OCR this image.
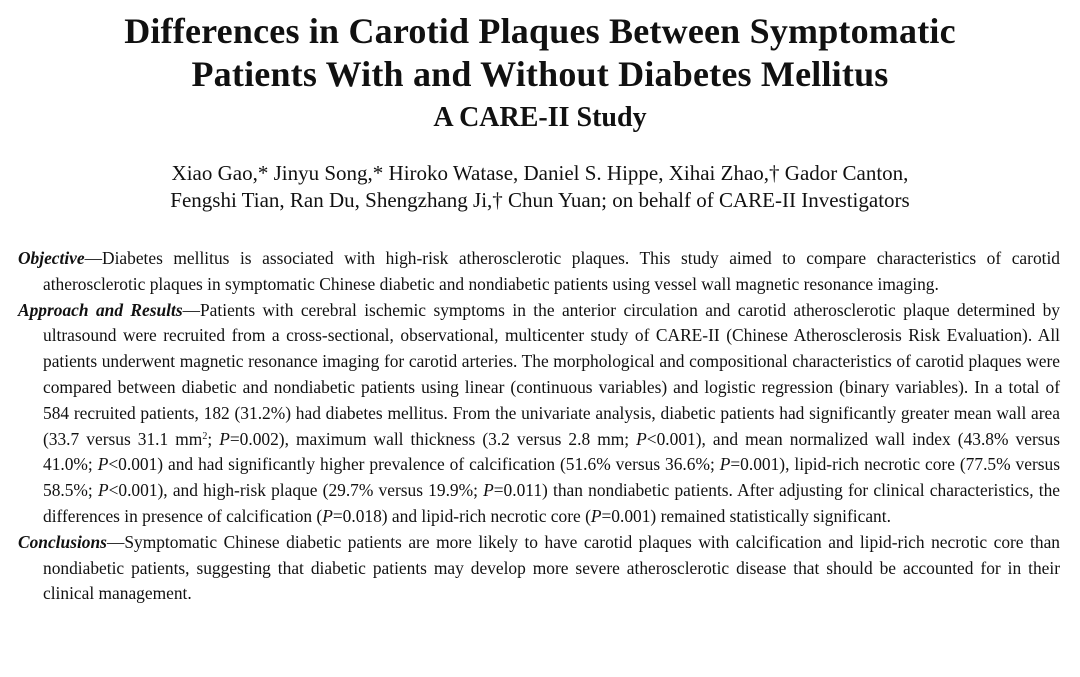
Differences in Carotid Plaques Between Symptomatic
Patients With and Without Diabetes Mellitus
A CARE-II Study
Xiao Gao,* Jinyu Song,* Hiroko Watase, Daniel S. Hippe, Xihai Zhao,† Gador Canton,
Fengshi Tian, Ran Du, Shengzhang Ji,† Chun Yuan; on behalf of CARE-II Investigators

Objective—Diabetes mellitus is associated with high-risk atherosclerotic plaques. This study aimed to compare characteristics of carotid atherosclerotic plaques in symptomatic Chinese diabetic and nondiabetic patients using vessel wall magnetic resonance imaging.

Approach and Results—Patients with cerebral ischemic symptoms in the anterior circulation and carotid atherosclerotic plaque determined by ultrasound were recruited from a cross-sectional, observational, multicenter study of CARE-II (Chinese Atherosclerosis Risk Evaluation). All patients underwent magnetic resonance imaging for carotid arteries. The morphological and compositional characteristics of carotid plaques were compared between diabetic and nondiabetic patients using linear (continuous variables) and logistic regression (binary variables). In a total of 584 recruited patients, 182 (31.2%) had diabetes mellitus. From the univariate analysis, diabetic patients had significantly greater mean wall area (33.7 versus 31.1 $mm^2$; P=0.002), maximum wall thickness (3.2 versus 2.8 mm; P<0.001), and mean normalized wall index (43.8% versus 41.0%; P<0.001) and had significantly higher prevalence of calcification (51.6% versus 36.6%; P=0.001), lipid-rich necrotic core (77.5% versus 58.5%; P<0.001), and high-risk plaque (29.7% versus 19.9%; P=0.011) than nondiabetic patients. After adjusting for clinical characteristics, the differences in presence of calcification (P=0.018) and lipid-rich necrotic core (P=0.001) remained statistically significant.

Conclusions—Symptomatic Chinese diabetic patients are more likely to have carotid plaques with calcification and lipid-rich necrotic core than nondiabetic patients, suggesting that diabetic patients may develop more severe atherosclerotic disease that should be accounted for in their clinical management.
